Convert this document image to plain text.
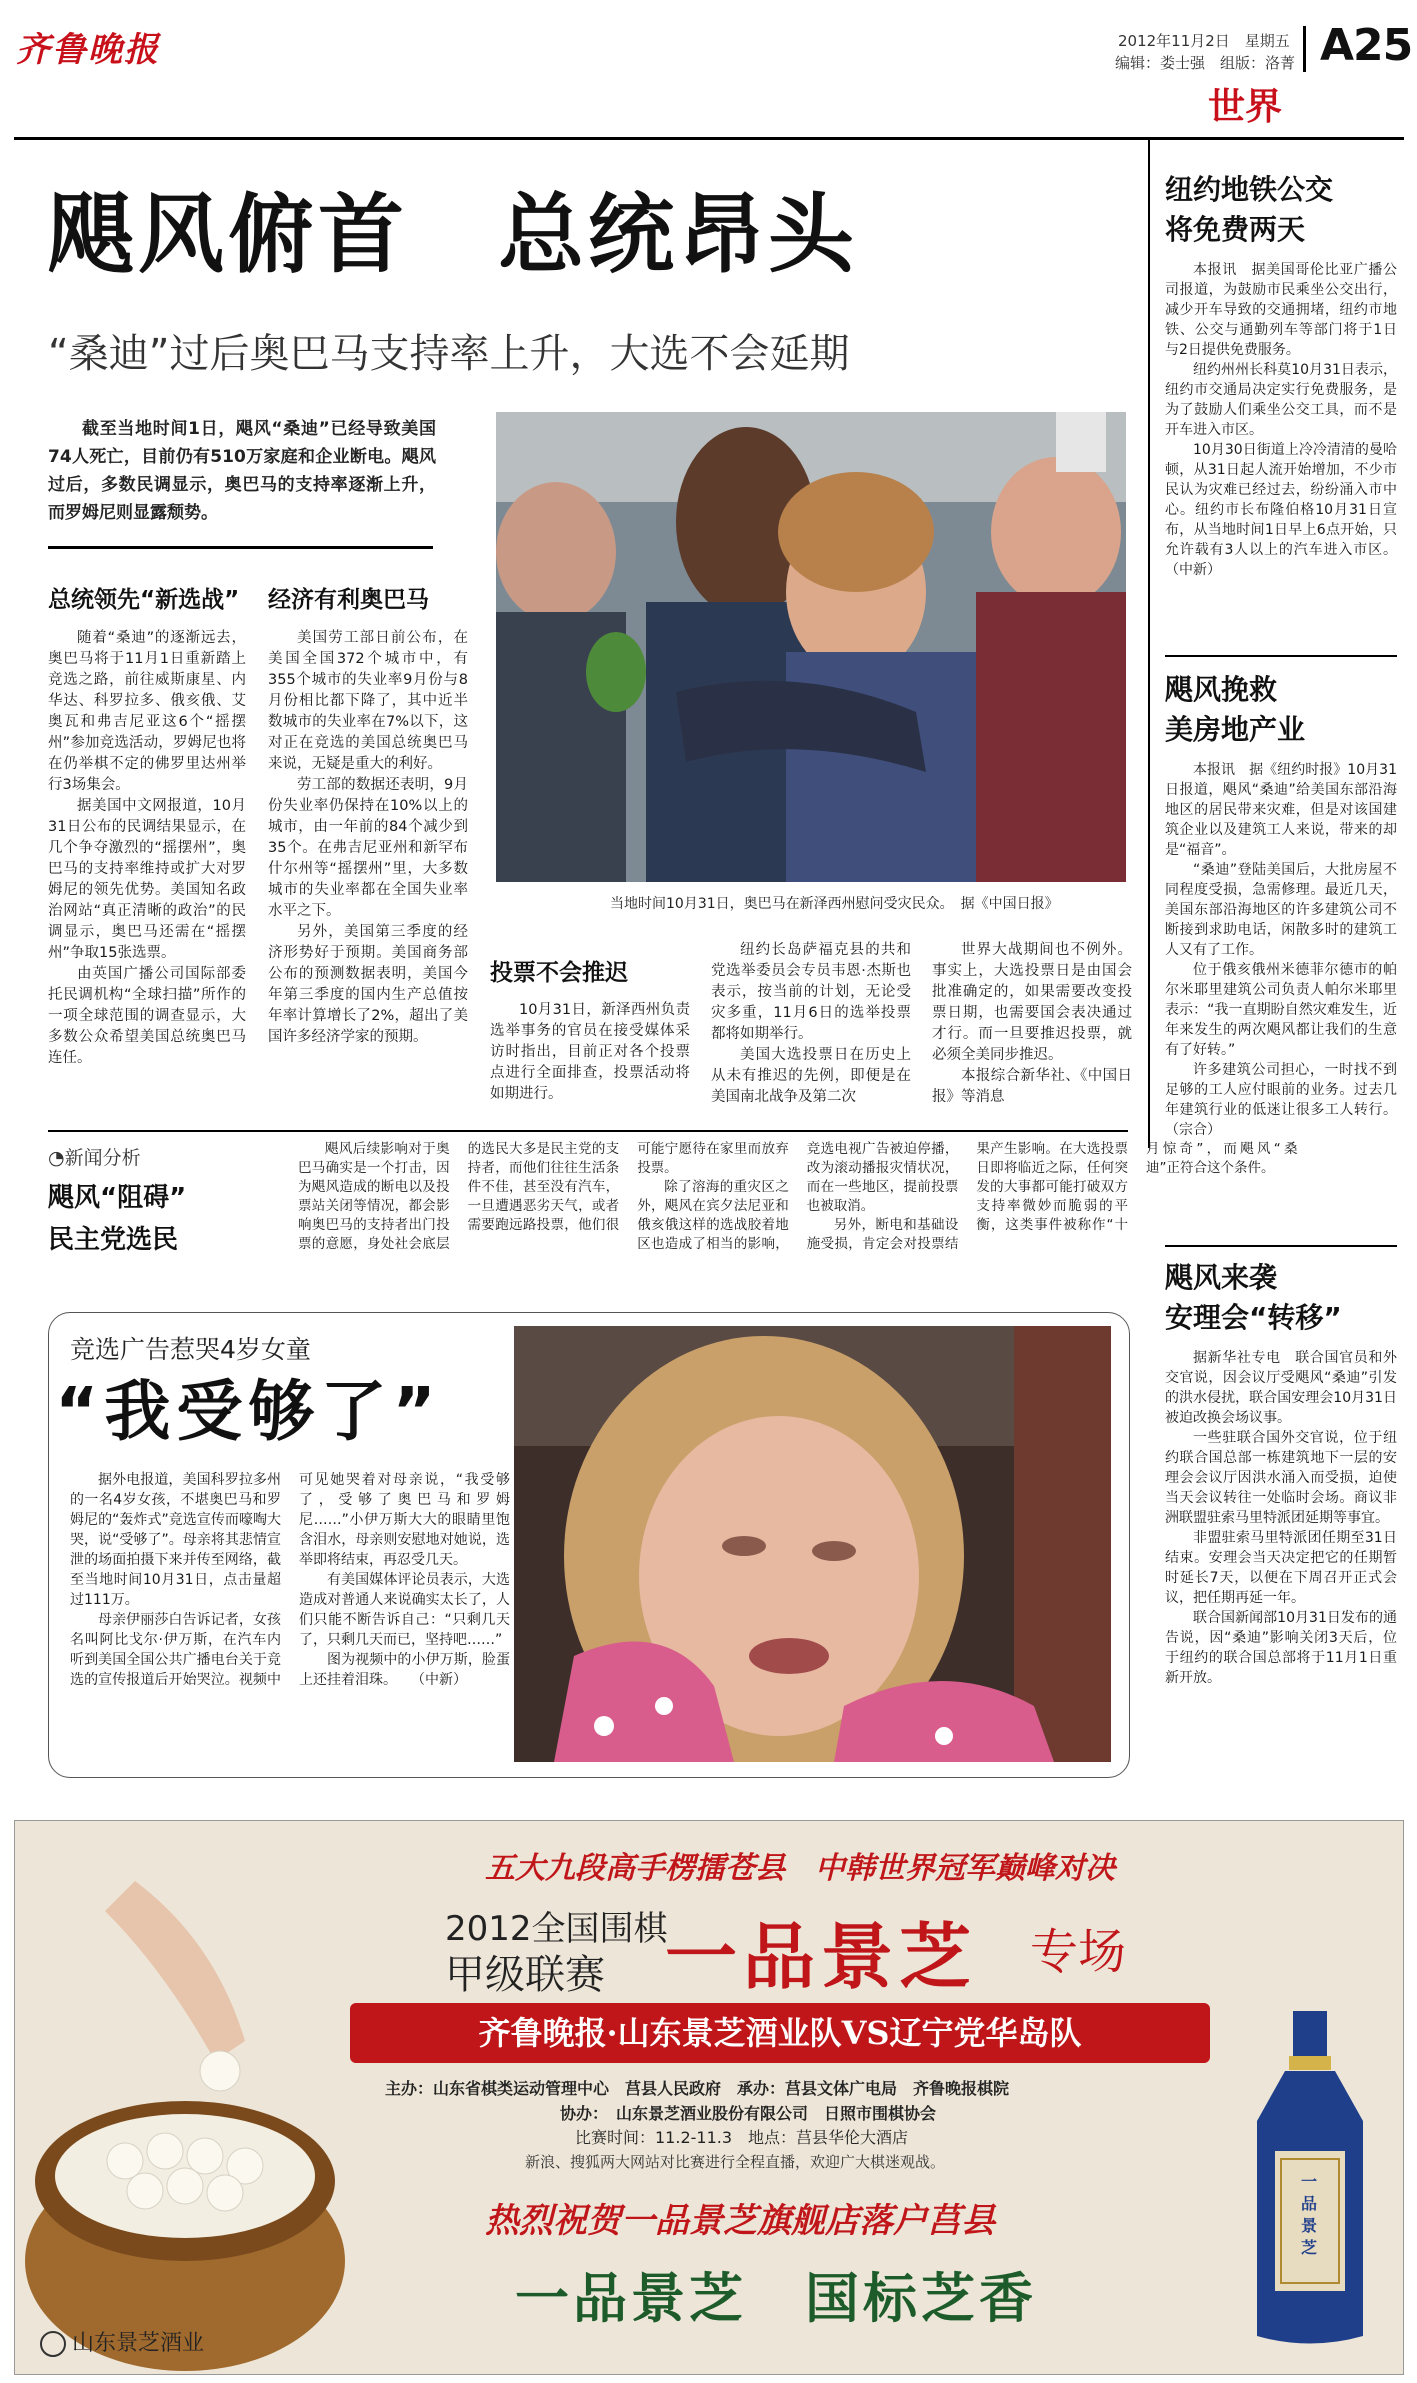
齐鲁晚报	2012年11月2日　星期五
编辑：娄士强　组版：洛菁 A25
世界
飓风俯首　总统昂头
“桑迪”过后奥巴马支持率上升，大选不会延期
截至当地时间1日，飓风“桑迪”已经导致美国74人死亡，目前仍有510万家庭和企业断电。飓风过后，多数民调显示，奥巴马的支持率逐渐上升，而罗姆尼则显露颓势。
当地时间10月31日，奥巴马在新泽西州慰问受灾民众。　据《中国日报》
总统领先“新选战”

随着“桑迪”的逐渐远去，奥巴马将于11月1日重新踏上竞选之路，前往威斯康星、内华达、科罗拉多、俄亥俄、艾奥瓦和弗吉尼亚这6个“摇摆州”参加竞选活动，罗姆尼也将在仍举棋不定的佛罗里达州举行3场集会。

据美国中文网报道，10月31日公布的民调结果显示，在几个争夺激烈的“摇摆州”，奥巴马的支持率维持或扩大对罗姆尼的领先优势。美国知名政治网站“真正清晰的政治”的民调显示，奥巴马还需在“摇摆州”争取15张选票。

由英国广播公司国际部委托民调机构“全球扫描”所作的一项全球范围的调查显示，大多数公众希望美国总统奥巴马连任。

经济有利奥巴马

美国劳工部日前公布，在美国全国372个城市中，有355个城市的失业率9月份与8月份相比都下降了，其中近半数城市的失业率在7%以下，这对正在竞选的美国总统奥巴马来说，无疑是重大的利好。

劳工部的数据还表明，9月份失业率仍保持在10%以上的城市，由一年前的84个减少到35个。在弗吉尼亚州和新罕布什尔州等“摇摆州”里，大多数城市的失业率都在全国失业率水平之下。

另外，美国第三季度的经济形势好于预期。美国商务部公布的预测数据表明，美国今年第三季度的国内生产总值按年率计算增长了2%，超出了美国许多经济学家的预期。

投票不会推迟

10月31日，新泽西州负责选举事务的官员在接受媒体采访时指出，目前正对各个投票点进行全面排查，投票活动将如期进行。

纽约长岛萨福克县的共和党选举委员会专员韦恩·杰斯也表示，按当前的计划，无论受灾多重，11月6日的选举投票都将如期举行。

美国大选投票日在历史上从未有推迟的先例，即便是在美国南北战争及第二次

世界大战期间也不例外。事实上，大选投票日是由国会批准确定的，如果需要改变投票日期，也需要国会表决通过才行。而一旦要推迟投票，就必须全美同步推迟。

本报综合新华社、《中国日报》等消息

◔新闻分析
飓风“阻碍”
民主党选民

飓风后续影响对于奥巴马确实是一个打击，因为飓风造成的断电以及投票站关闭等情况，都会影响奥巴马的支持者出门投票的意愿，身处社会底层的选民大多是民主党的支持者，而他们往往生活条件不佳，甚至没有汽车，一旦遭遇恶劣天气，或者需要跑远路投票，他们很可能宁愿待在家里而放弃投票。

除了溶海的重灾区之外，飓风在宾夕法尼亚和俄亥俄这样的选战胶着地区也造成了相当的影响，竞选电视广告被迫停播，改为滚动播报灾情状况，而在一些地区，提前投票也被取消。

另外，断电和基础设施受损，肯定会对投票结果产生影响。在大选投票日即将临近之际，任何突发的大事都可能打破双方支持率微妙而脆弱的平衡，这类事件被称作“十月惊奇”，而飓风“桑迪”正符合这个条件。

竞选广告惹哭4岁女童
“我受够了”

据外电报道，美国科罗拉多州的一名4岁女孩，不堪奥巴马和罗姆尼的“轰炸式”竞选宣传而嚎啕大哭，说“受够了”。母亲将其悲情宣泄的场面拍摄下来并传至网络，截至当地时间10月31日，点击量超过111万。

母亲伊丽莎白告诉记者，女孩名叫阿比戈尔·伊万斯，在汽车内听到美国全国公共广播电台关于竞选的宣传报道后开始哭泣。视频中可见她哭着对母亲说，“我受够了，受够了奥巴马和罗姆尼……”小伊万斯大大的眼睛里饱含泪水，母亲则安慰地对她说，选举即将结束，再忍受几天。

有美国媒体评论员表示，大选造成对普通人来说确实太长了，人们只能不断告诉自己：“只剩几天了，只剩几天而已，坚持吧……”

图为视频中的小伊万斯，脸蛋上还挂着泪珠。　　（中新）

纽约地铁公交
将免费两天

本报讯　据美国哥伦比亚广播公司报道，为鼓励市民乘坐公交出行，减少开车导致的交通拥堵，纽约市地铁、公交与通勤列车等部门将于1日与2日提供免费服务。

纽约州州长科莫10月31日表示，纽约市交通局决定实行免费服务，是为了鼓励人们乘坐公交工具，而不是开车进入市区。

10月30日街道上冷冷清清的曼哈顿，从31日起人流开始增加，不少市民认为灾难已经过去，纷纷涌入市中心。纽约市长布隆伯格10月31日宣布，从当地时间1日早上6点开始，只允许载有3人以上的汽车进入市区。（中新）

飓风挽救
美房地产业

本报讯　据《纽约时报》10月31日报道，飓风“桑迪”给美国东部沿海地区的居民带来灾难，但是对该国建筑企业以及建筑工人来说，带来的却是“福音”。

“桑迪”登陆美国后，大批房屋不同程度受损，急需修理。最近几天，美国东部沿海地区的许多建筑公司不断接到求助电话，闲散多时的建筑工人又有了工作。

位于俄亥俄州米德菲尔德市的帕尔米耶里建筑公司负责人帕尔米耶里表示：“我一直期盼自然灾难发生，近年来发生的两次飓风都让我们的生意有了好转。”

许多建筑公司担心，一时找不到足够的工人应付眼前的业务。过去几年建筑行业的低迷让很多工人转行。（宗合）

飓风来袭
安理会“转移”

据新华社专电　联合国官员和外交官说，因会议厅受飓风“桑迪”引发的洪水侵扰，联合国安理会10月31日被迫改换会场议事。

一些驻联合国外交官说，位于纽约联合国总部一栋建筑地下一层的安理会会议厅因洪水涌入而受损，迫使当天会议转往一处临时会场。商议非洲联盟驻索马里特派团延期等事宜。

非盟驻索马里特派团任期至31日结束。安理会当天决定把它的任期暂时延长7天，以便在下周召开正式会议，把任期再延一年。

联合国新闻部10月31日发布的通告说，因“桑迪”影响关闭3天后，位于纽约的联合国总部将于11月1日重新开放。

五大九段高手楞擂苍县　中韩世界冠军巅峰对决
2012全国围棋
甲级联赛 一品景芝 专场
齐鲁晚报·山东景芝酒业队VS辽宁党华岛队
主办：山东省棋类运动管理中心　莒县人民政府　承办：莒县文体广电局　齐鲁晚报棋院
协办：　山东景芝酒业股份有限公司　日照市围棋协会
比赛时间：11.2-11.3　地点：莒县华伦大酒店
新浪、搜狐两大网站对比赛进行全程直播，欢迎广大棋迷观战。
热烈祝贺一品景芝旗舰店落户莒县
一品景芝　国标芝香
山东景芝酒业
一品景芝
